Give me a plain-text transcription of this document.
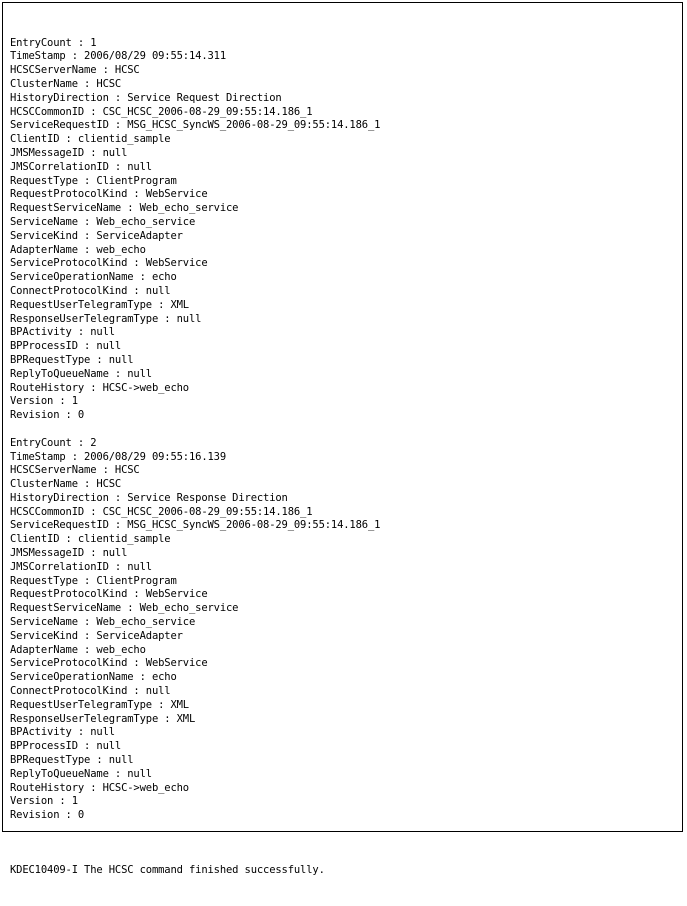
EntryCount : 1
TimeStamp : 2006/08/29 09:55:14.311
HCSCServerName : HCSC
ClusterName : HCSC
HistoryDirection : Service Request Direction
HCSCCommonID : CSC_HCSC_2006-08-29_09:55:14.186_1
ServiceRequestID : MSG_HCSC_SyncWS_2006-08-29_09:55:14.186_1
ClientID : clientid_sample
JMSMessageID : null
JMSCorrelationID : null
RequestType : ClientProgram
RequestProtocolKind : WebService
RequestServiceName : Web_echo_service
ServiceName : Web_echo_service
ServiceKind : ServiceAdapter
AdapterName : web_echo
ServiceProtocolKind : WebService
ServiceOperationName : echo
ConnectProtocolKind : null
RequestUserTelegramType : XML
ResponseUserTelegramType : null
BPActivity : null
BPProcessID : null
BPRequestType : null
ReplyToQueueName : null
RouteHistory : HCSC->web_echo
Version : 1
Revision : 0
EntryCount : 2
TimeStamp : 2006/08/29 09:55:16.139
HCSCServerName : HCSC
ClusterName : HCSC
HistoryDirection : Service Response Direction
HCSCCommonID : CSC_HCSC_2006-08-29_09:55:14.186_1
ServiceRequestID : MSG_HCSC_SyncWS_2006-08-29_09:55:14.186_1
ClientID : clientid_sample
JMSMessageID : null
JMSCorrelationID : null
RequestType : ClientProgram
RequestProtocolKind : WebService
RequestServiceName : Web_echo_service
ServiceName : Web_echo_service
ServiceKind : ServiceAdapter
AdapterName : web_echo
ServiceProtocolKind : WebService
ServiceOperationName : echo
ConnectProtocolKind : null
RequestUserTelegramType : XML
ResponseUserTelegramType : XML
BPActivity : null
BPProcessID : null
BPRequestType : null
ReplyToQueueName : null
RouteHistory : HCSC->web_echo
Version : 1
Revision : 0

KDEC10409-I The HCSC command finished successfully.
